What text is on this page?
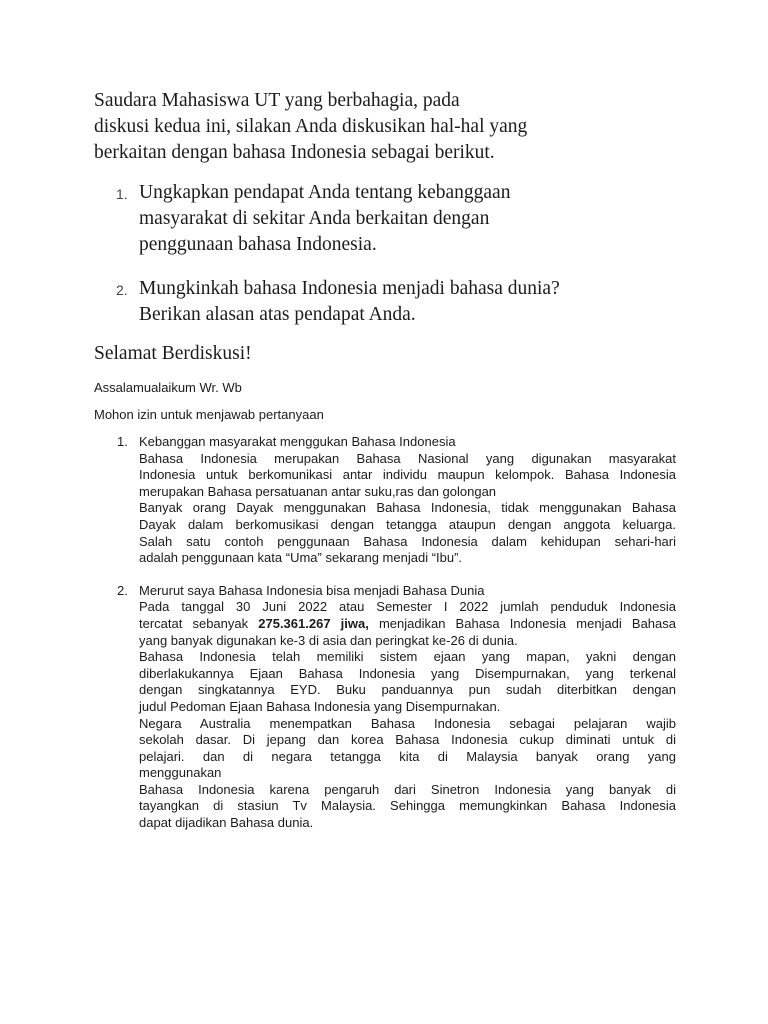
Saudara Mahasiswa UT yang berbahagia, pada
diskusi kedua ini, silakan Anda diskusikan hal-hal yang
berkaitan dengan bahasa Indonesia sebagai berikut.

1. Ungkapkan pendapat Anda tentang kebanggaan
masyarakat di sekitar Anda berkaitan dengan
penggunaan bahasa Indonesia.
2. Mungkinkah bahasa Indonesia menjadi bahasa dunia?
Berikan alasan atas pendapat Anda.

Selamat Berdiskusi!

Assalamualaikum Wr. Wb

Mohon izin untuk menjawab pertanyaan

1. Kebanggan masyarakat menggukan Bahasa Indonesia

Bahasa Indonesia merupakan Bahasa Nasional yang digunakan masyarakat
Indonesia untuk berkomunikasi antar individu maupun kelompok. Bahasa Indonesia
merupakan Bahasa persatuanan antar suku,ras dan golongan

Banyak orang Dayak menggunakan Bahasa Indonesia, tidak menggunakan Bahasa
Dayak dalam berkomusikasi dengan tetangga ataupun dengan anggota keluarga.
Salah satu contoh penggunaan Bahasa Indonesia dalam kehidupan sehari-hari
adalah penggunaan kata “Uma” sekarang menjadi “Ibu”.

2. Merurut saya Bahasa Indonesia bisa menjadi Bahasa Dunia

Pada tanggal 30 Juni 2022 atau Semester I 2022 jumlah penduduk Indonesia
tercatat sebanyak 275.361.267 jiwa, menjadikan Bahasa Indonesia menjadi Bahasa
yang banyak digunakan ke-3 di asia dan peringkat ke-26 di dunia.

Bahasa Indonesia telah memiliki sistem ejaan yang mapan, yakni dengan
diberlakukannya Ejaan Bahasa Indonesia yang Disempurnakan, yang terkenal
dengan singkatannya EYD. Buku panduannya pun sudah diterbitkan dengan
judul Pedoman Ejaan Bahasa Indonesia yang Disempurnakan.

Negara Australia menempatkan Bahasa Indonesia sebagai pelajaran wajib
sekolah dasar. Di jepang dan korea Bahasa Indonesia cukup diminati untuk di
pelajari. dan di negara tetangga kita di Malaysia banyak orang yang
menggunakan

Bahasa Indonesia karena pengaruh dari Sinetron Indonesia yang banyak di
tayangkan di stasiun Tv Malaysia. Sehingga memungkinkan Bahasa Indonesia
dapat dijadikan Bahasa dunia.
